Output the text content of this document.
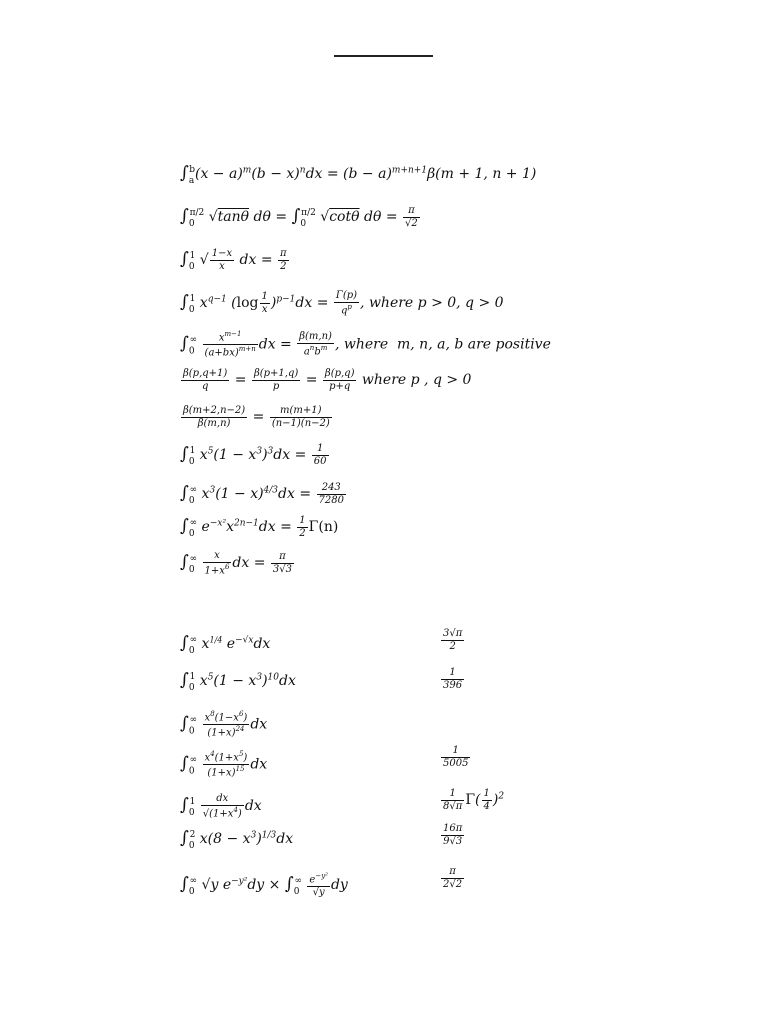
$\int_a^b(x - a)^m(b - x)^ndx = (b - a)^{m+n+1}\beta(m + 1$, n + 1)
$\int_0^{\pi/2}$ √tanθ $d\theta = \int_0^{\pi/2}$ √cotθ $d\theta = \frac{\pi}{√2}$
$\int_0^1$ √ $\frac{1-x}{x}$ dx = $\frac{\pi}{2}$
$\int_0^1$ $x^{q-1}$ $(\log \frac{1}{x} )^{p-1}dx = \frac{\Gamma(p)}{q^p}$ , where p > 0, q > 0
$\int_0^\infty \frac{x^{m-1}}{(a+bx)^{m+n}}$ dx = $\frac{\beta(m,n)}{a^nb^m}$ , where  m, n, a, b are positive
$\frac{\beta(p,q+1)}{q} = \frac{\beta(p+1,q)}{p} = \frac{\beta(p,q)}{p+q}$ where p , q > 0
$\frac{\beta(m+2,n-2)}{\beta(m,n)} = \frac{m(m+1)}{(n-1)(n-2)}$
$\int_0^1$ $x^5(1 - x^3)^3dx = \frac{1}{60}$
$\int_0^\infty$ $x^3(1 - x)^{4/3}dx = \frac{243}{7280}$
$\int_0^\infty$ $e^{-x^2}x^{2n-1}dx = \frac{1}{2} \Gamma(n)$
$\int_0^\infty \frac{x}{1+x^6}$ dx = $\frac{\pi}{3√3}$
$\int_0^\infty$ $x^{1/4}$ $e^{-√x}dx$	$\frac{3√\pi}{2}$
$\int_0^1$ $x^5(1 - x^3)^{10}dx$	$\frac{1}{396}$
$\int_0^\infty \frac{x^8(1-x^6)}{(1+x)^{24}}$ dx
$\int_0^\infty \frac{x^4(1+x^5)}{(1+x)^{15}}$ dx	$\frac{1}{5005}$
$\int_0^1 \frac{dx}{√(1+x^4)}$ dx	$\frac{1}{8√\pi} \Gamma( \frac{1}{4} )^2$
$\int_0^2$ $x(8 - x^3)^{1/3}dx$	$\frac{16\pi}{9√3}$
$\int_0^\infty$ √y $e^{-y^2}dy \times \int_0^\infty \frac{e^{-y^2}}{√y}$ dy	$\frac{\pi}{2√2}$
